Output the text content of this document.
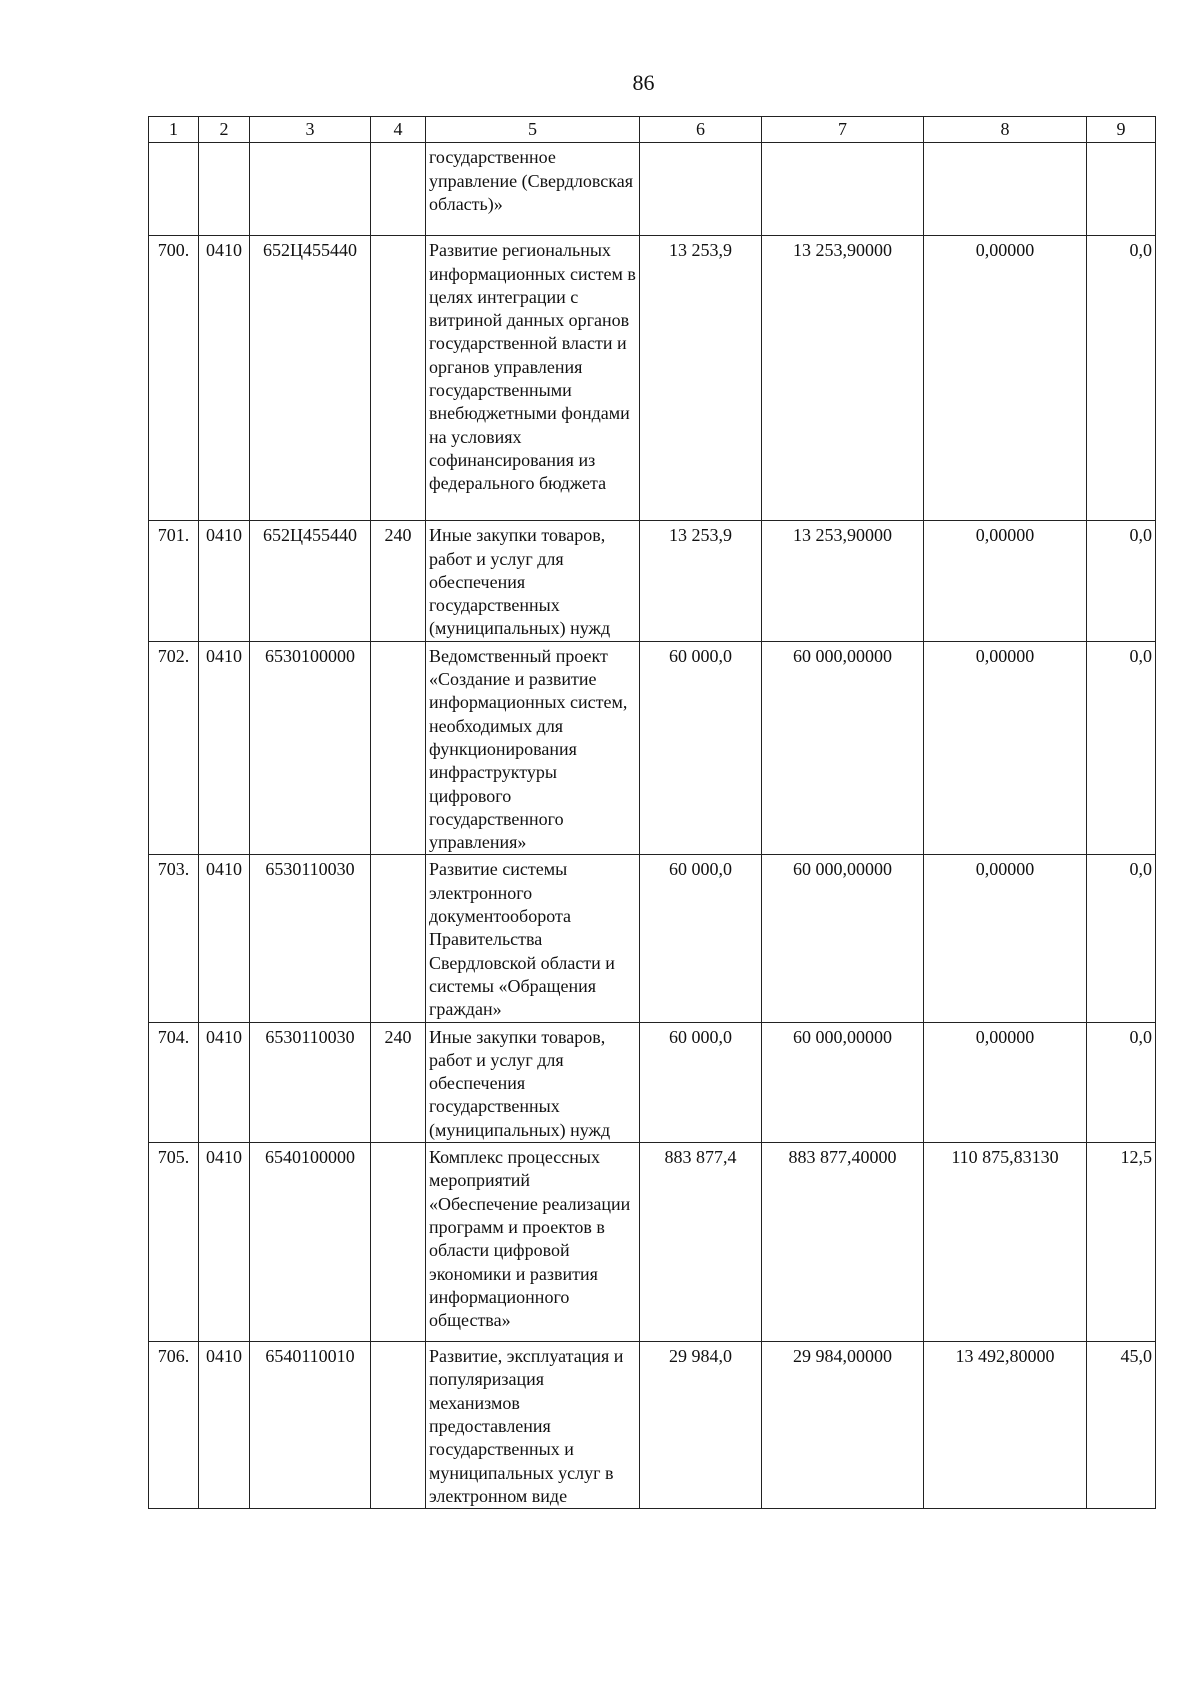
86
1	2	3	4	5	6	7	8	9
				государственное управление (Свердловская область)»				
700.	0410	652Ц455440		Развитие региональных информационных систем в целях интеграции с витриной данных органов государственной власти и органов управления государственными внебюджетными фондами на условиях софинансирования из федерального бюджета	13 253,9	13 253,90000	0,00000	0,0
701.	0410	652Ц455440	240	Иные закупки товаров, работ и услуг для обеспечения государственных (муниципальных) нужд	13 253,9	13 253,90000	0,00000	0,0
702.	0410	6530100000		Ведомственный проект «Создание и развитие информационных систем, необходимых для функционирования инфраструктуры цифрового государственного управления»	60 000,0	60 000,00000	0,00000	0,0
703.	0410	6530110030		Развитие системы электронного документооборота Правительства Свердловской области и системы «Обращения граждан»	60 000,0	60 000,00000	0,00000	0,0
704.	0410	6530110030	240	Иные закупки товаров, работ и услуг для обеспечения государственных (муниципальных) нужд	60 000,0	60 000,00000	0,00000	0,0
705.	0410	6540100000		Комплекс процессных мероприятий «Обеспечение реализации программ и проектов в области цифровой экономики и развития информационного общества»	883 877,4	883 877,40000	110 875,83130	12,5
706.	0410	6540110010		Развитие, эксплуатация и популяризация механизмов предоставления государственных и муниципальных услуг в электронном виде	29 984,0	29 984,00000	13 492,80000	45,0
